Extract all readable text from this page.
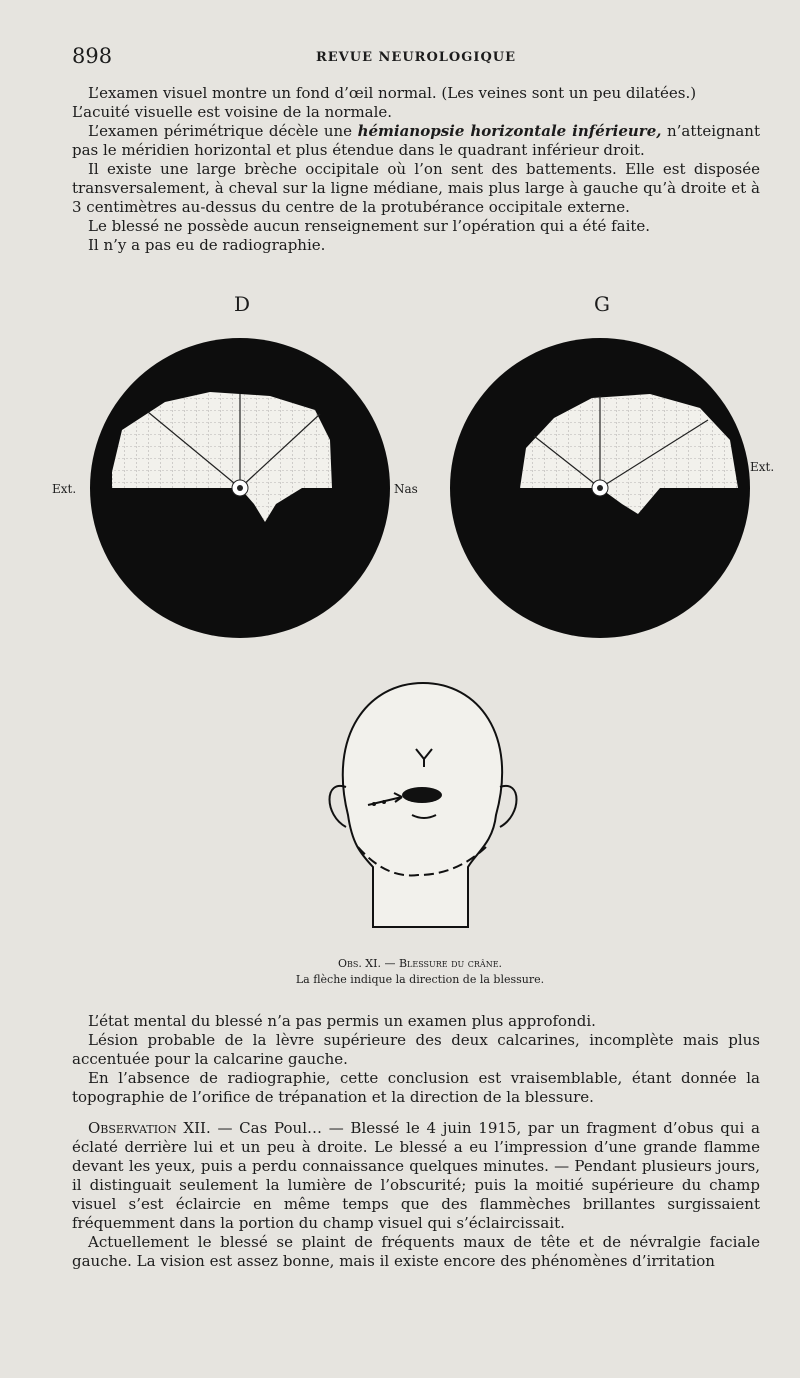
898	REVUE NEUROLOGIQUE

L’examen visuel montre un fond d’œil normal. (Les veines sont un peu dilatées.)

L’acuité visuelle est voisine de la normale.

L’examen périmétrique décèle une hémianopsie horizontale inférieure, n’atteignant pas le méridien horizontal et plus étendue dans le quadrant inférieur droit.

Il existe une large brèche occipitale où l’on sent des battements. Elle est disposée transversalement, à cheval sur la ligne médiane, mais plus large à gauche qu’à droite et à 3 centimètres au-dessus du centre de la protubérance occipitale externe.

Le blessé ne possède aucun renseignement sur l’opération qui a été faite.

Il n’y a pas eu de radiographie.

D	G
Ext.	Nas
Ext.
Obs. XI. — Blessure du crâne.
La flèche indique la direction de la blessure.

L’état mental du blessé n’a pas permis un examen plus approfondi.

Lésion probable de la lèvre supérieure des deux calcarines, incomplète mais plus accentuée pour la calcarine gauche.

En l’absence de radiographie, cette conclusion est vraisemblable, étant donnée la topographie de l’orifice de trépanation et la direction de la blessure.

Observation XII. — Cas Poul… — Blessé le 4 juin 1915, par un fragment d’obus qui a éclaté derrière lui et un peu à droite. Le blessé a eu l’impression d’une grande flamme devant les yeux, puis a perdu connaissance quelques minutes. — Pendant plusieurs jours, il distinguait seulement la lumière de l’obscurité; puis la moitié supérieure du champ visuel s’est éclaircie en même temps que des flammèches brillantes surgissaient fréquemment dans la portion du champ visuel qui s’éclaircissait.

Actuellement le blessé se plaint de fréquents maux de tête et de névralgie faciale gauche. La vision est assez bonne, mais il existe encore des phénomènes d’irritation
